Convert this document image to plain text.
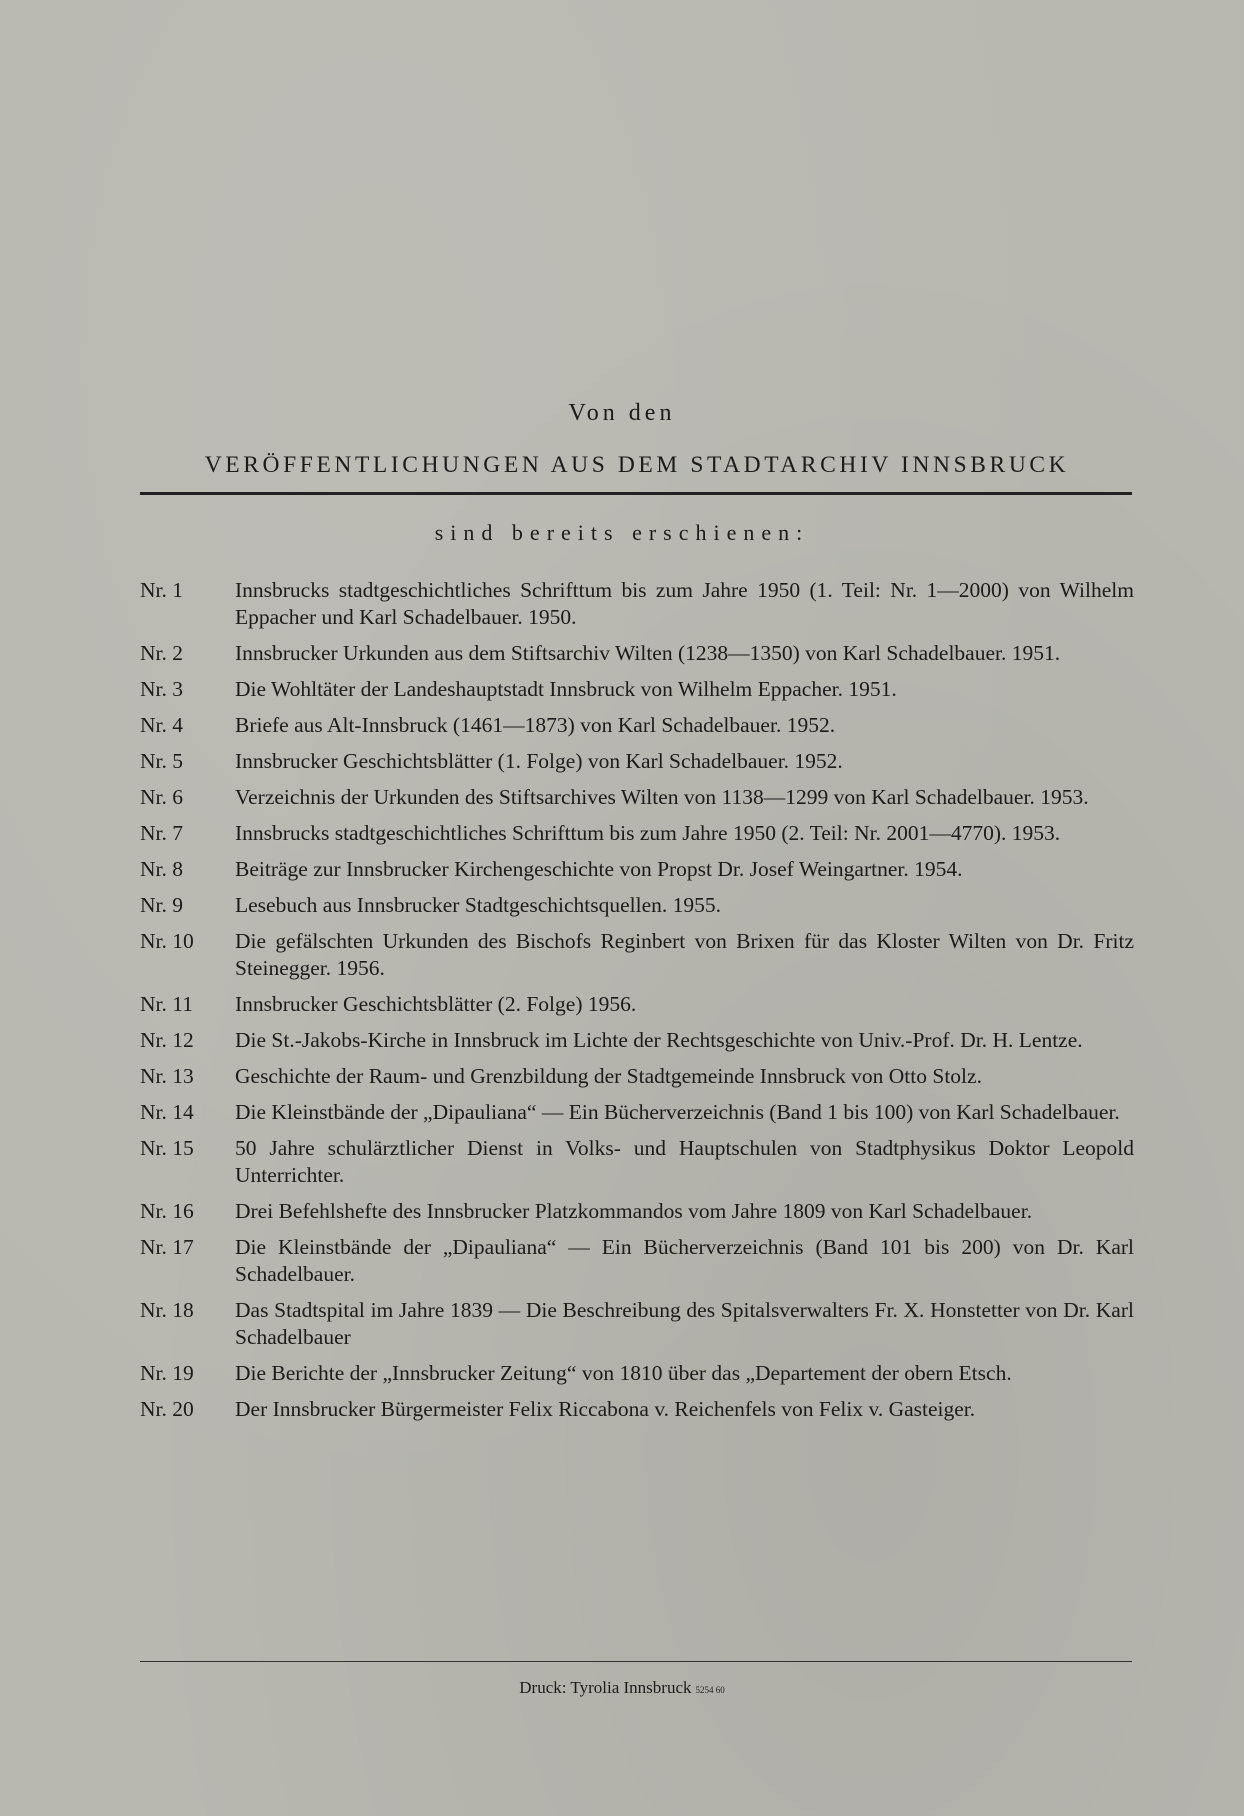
Von den
VERÖFFENTLICHUNGEN AUS DEM STADTARCHIV INNSBRUCK
sind bereits erschienen:
Nr. 1	Innsbrucks stadtgeschichtliches Schrifttum bis zum Jahre 1950 (1. Teil: Nr. 1—2000) von Wilhelm Eppacher und Karl Schadelbauer. 1950.
Nr. 2	Innsbrucker Urkunden aus dem Stiftsarchiv Wilten (1238—1350) von Karl Schadelbauer. 1951.
Nr. 3	Die Wohltäter der Landeshauptstadt Innsbruck von Wilhelm Eppacher. 1951.
Nr. 4	Briefe aus Alt-Innsbruck (1461—1873) von Karl Schadelbauer. 1952.
Nr. 5	Innsbrucker Geschichtsblätter (1. Folge) von Karl Schadelbauer. 1952.
Nr. 6	Verzeichnis der Urkunden des Stiftsarchives Wilten von 1138—1299 von Karl Schadelbauer. 1953.
Nr. 7	Innsbrucks stadtgeschichtliches Schrifttum bis zum Jahre 1950 (2. Teil: Nr. 2001—4770). 1953.
Nr. 8	Beiträge zur Innsbrucker Kirchengeschichte von Propst Dr. Josef Weingartner. 1954.
Nr. 9	Lesebuch aus Innsbrucker Stadtgeschichtsquellen. 1955.
Nr. 10	Die gefälschten Urkunden des Bischofs Reginbert von Brixen für das Kloster Wilten von Dr. Fritz Steinegger. 1956.
Nr. 11	Innsbrucker Geschichtsblätter (2. Folge) 1956.
Nr. 12	Die St.-Jakobs-Kirche in Innsbruck im Lichte der Rechtsgeschichte von Univ.-Prof. Dr. H. Lentze.
Nr. 13	Geschichte der Raum- und Grenzbildung der Stadtgemeinde Innsbruck von Otto Stolz.
Nr. 14	Die Kleinstbände der „Dipauliana“ — Ein Bücherverzeichnis (Band 1 bis 100) von Karl Schadelbauer.
Nr. 15	50 Jahre schulärztlicher Dienst in Volks- und Hauptschulen von Stadtphysikus Doktor Leopold Unterrichter.
Nr. 16	Drei Befehlshefte des Innsbrucker Platzkommandos vom Jahre 1809 von Karl Schadelbauer.
Nr. 17	Die Kleinstbände der „Dipauliana“ — Ein Bücherverzeichnis (Band 101 bis 200) von Dr. Karl Schadelbauer.
Nr. 18	Das Stadtspital im Jahre 1839 — Die Beschreibung des Spitalsverwalters Fr. X. Honstetter von Dr. Karl Schadelbauer
Nr. 19	Die Berichte der „Innsbrucker Zeitung“ von 1810 über das „Departement der obern Etsch.
Nr. 20	Der Innsbrucker Bürgermeister Felix Riccabona v. Reichenfels von Felix v. Gasteiger.
Druck: Tyrolia Innsbruck 5254 60
